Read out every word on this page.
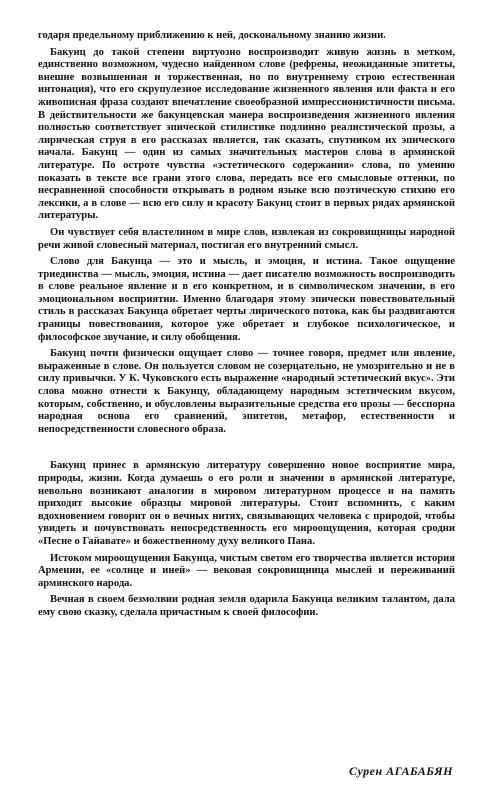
годаря предельному приближению к ней, доскональному знанию жизни.

Бакунц до такой степени виртуозно воспроизводит живую жизнь в метком, единственно возможном, чудесно найденном слове (рефрены, неожиданные эпитеты, внешне возвышенная и торжественная, но по внутреннему строю естественная интонация), что его скрупулезное исследование жизненного явления или факта и его живописная фраза создают впечатление своеобразной импрессионистичности письма. В действительности же бакунцевская манера воспроизведения жизненного явления полностью соответствует эпической стилистике подлинно реалистической прозы, а лирическая струя в его рассказах является, так сказать, спутником их эпического начала. Бакунц — один из самых значительных мастеров слова в армянской литературе. По остроте чувства «эстетического содержания» слова, по умению показать в тексте все грани этого слова, передать все его смысловые оттенки, по несравненной способности открывать в родном языке всю поэтическую стихию его лексики, а в слове — всю его силу и красоту Бакунц стоит в первых рядах армянской литературы.

Он чувствует себя властелином в мире слов, извлекая из сокровищницы народной речи живой словесный материал, постигая его внутренний смысл.

Слово для Бакунца — это и мысль, и эмоция, и истина. Такое ощущение триединства — мысль, эмоция, истина — дает писателю возможность воспроизводить в слове реальное явление и в его конкретном, и в символическом значении, в его эмоциональном восприятии. Именно благодаря этому эпически повествовательный стиль в рассказах Бакунца обретает черты лирического потока, как бы раздвигаются границы повествования, которое уже обретает и глубокое психологическое, и философское звучание, и силу обобщения.

Бакунц почти физически ощущает слово — точнее говоря, предмет или явление, выраженные в слове. Он пользуется словом не созерцательно, не умозрительно и не в силу привычки. У К. Чуковского есть выражение «народный эстетический вкус». Эти слова можно отнести к Бакунцу, обладающему народным эстетическим вкусом, которым, собственно, и обусловлены выразительные средства его прозы — бесспорна народная основа его сравнений, эпитетов, метафор, естественности и непосредственности словесного образа.

Бакунц принес в армянскую литературу совершенно новое восприятие мира, природы, жизни. Когда думаешь о его роли и значении в армянской литературе, невольно возникают аналогии в мировом литературном процессе и на память приходят высокие образцы мировой литературы. Стоит вспомнить, с каким вдохновением говорит он о вечных нитях, связывающих человека с природой, чтобы увидеть и почувствовать непосредственность его мироощущения, которая сродни «Песне о Гайавате» и божественному духу великого Пана.

Истоком мироощущения Бакунца, чистым светом его творчества является история Армении, ее «солнце и иней» — вековая сокровищница мыслей и переживаний армянского народа.

Вечная в своем безмолвии родная земля одарила Бакунца великим талантом, дала ему свою сказку, сделала причастным к своей философии.

Сурен АГАБАБЯН
